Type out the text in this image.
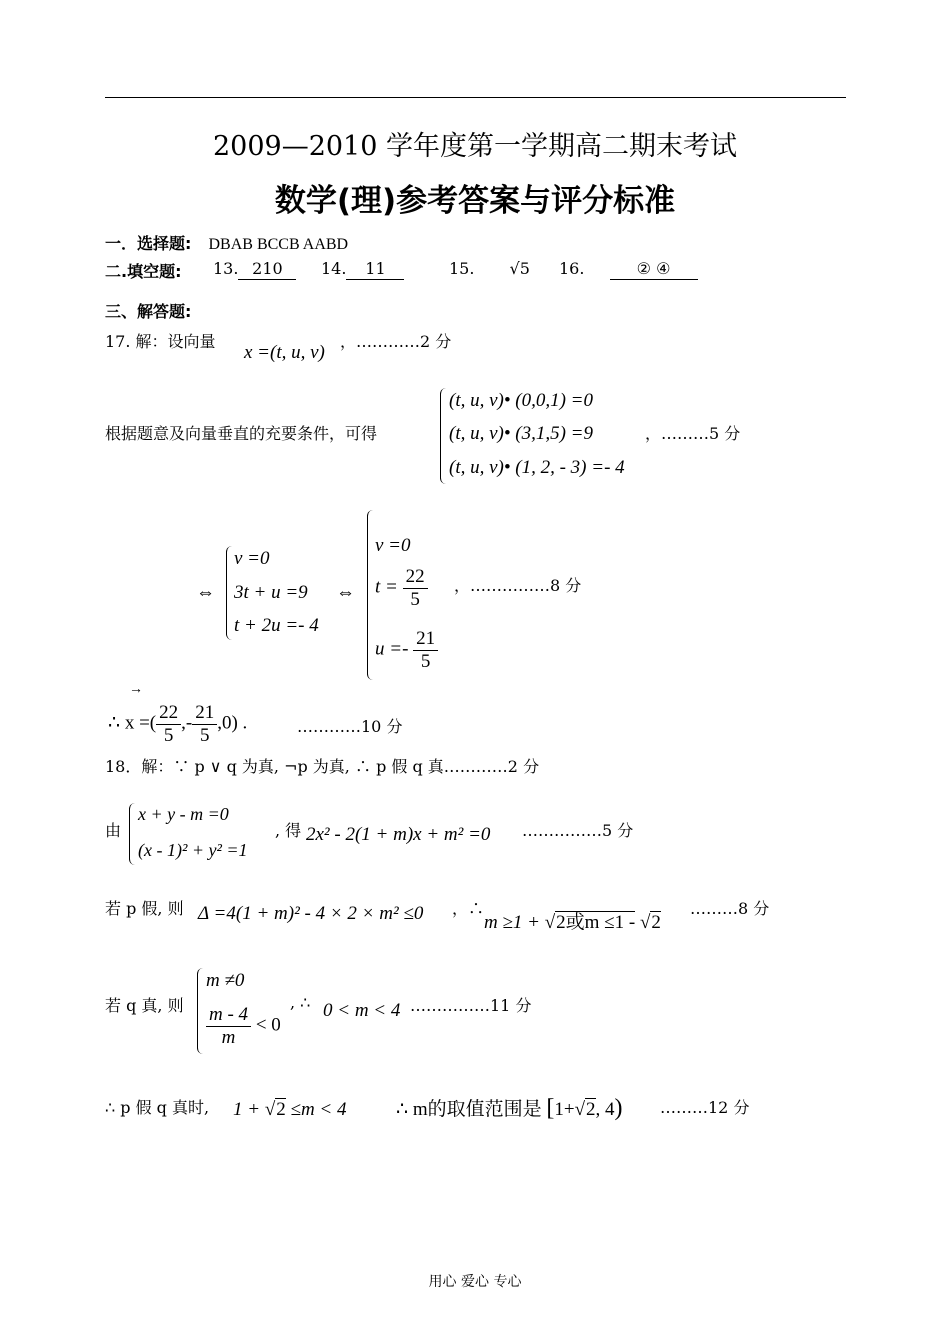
2009—2010 学年度第一学期高二期末考试
数学(理)参考答案与评分标准
一．选择题: DBAB BCCB AABD
二.填空题: 13. 210	14. 11	15. √5 16.	② ④
三、解答题:
17. 解：设向量
x =(t, u, v)
，…………2 分
根据题意及向量垂直的充要条件，可得
(t, u, v)• (0,0,1) =0
(t, u, v)• (3,1,5) =9
(t, u, v)• (1, 2, - 3) =- 4
，………5 分
⇔
v =0
3t + u =9
t + 2u =- 4
⇔
v =0
$t = \frac{22}{5}$
$u =- \frac{21}{5}$
，……………8 分
∴ x =( $\frac{22}{5}$ ,- $\frac{21}{5} ,0$) .
→
…………10 分
18．解：∵ p ∨ q 为真, ¬p 为真, ∴ p 假 q 真…………2 分
由
x + y - m =0
(x - 1)² + y² =1
, 得 2x² - 2(1 + m)x + m² =0 ……………5 分
若 p 假, 则 Δ =4(1 + m)² - 4 × 2 × m² ≤0 ，∴
m ≥1 + √2或m ≤1 - √2
………8 分
若 q 真, 则
m ≠0
$\frac{m - 4}{m} < 0$
, ∴ 0 < m < 4 ……………11 分
∴ p 假 q 真时, 1 + √2 ≤m < 4	∴ m的取值范围是 [1+√2, 4) ………12 分
用心 爱心 专心
